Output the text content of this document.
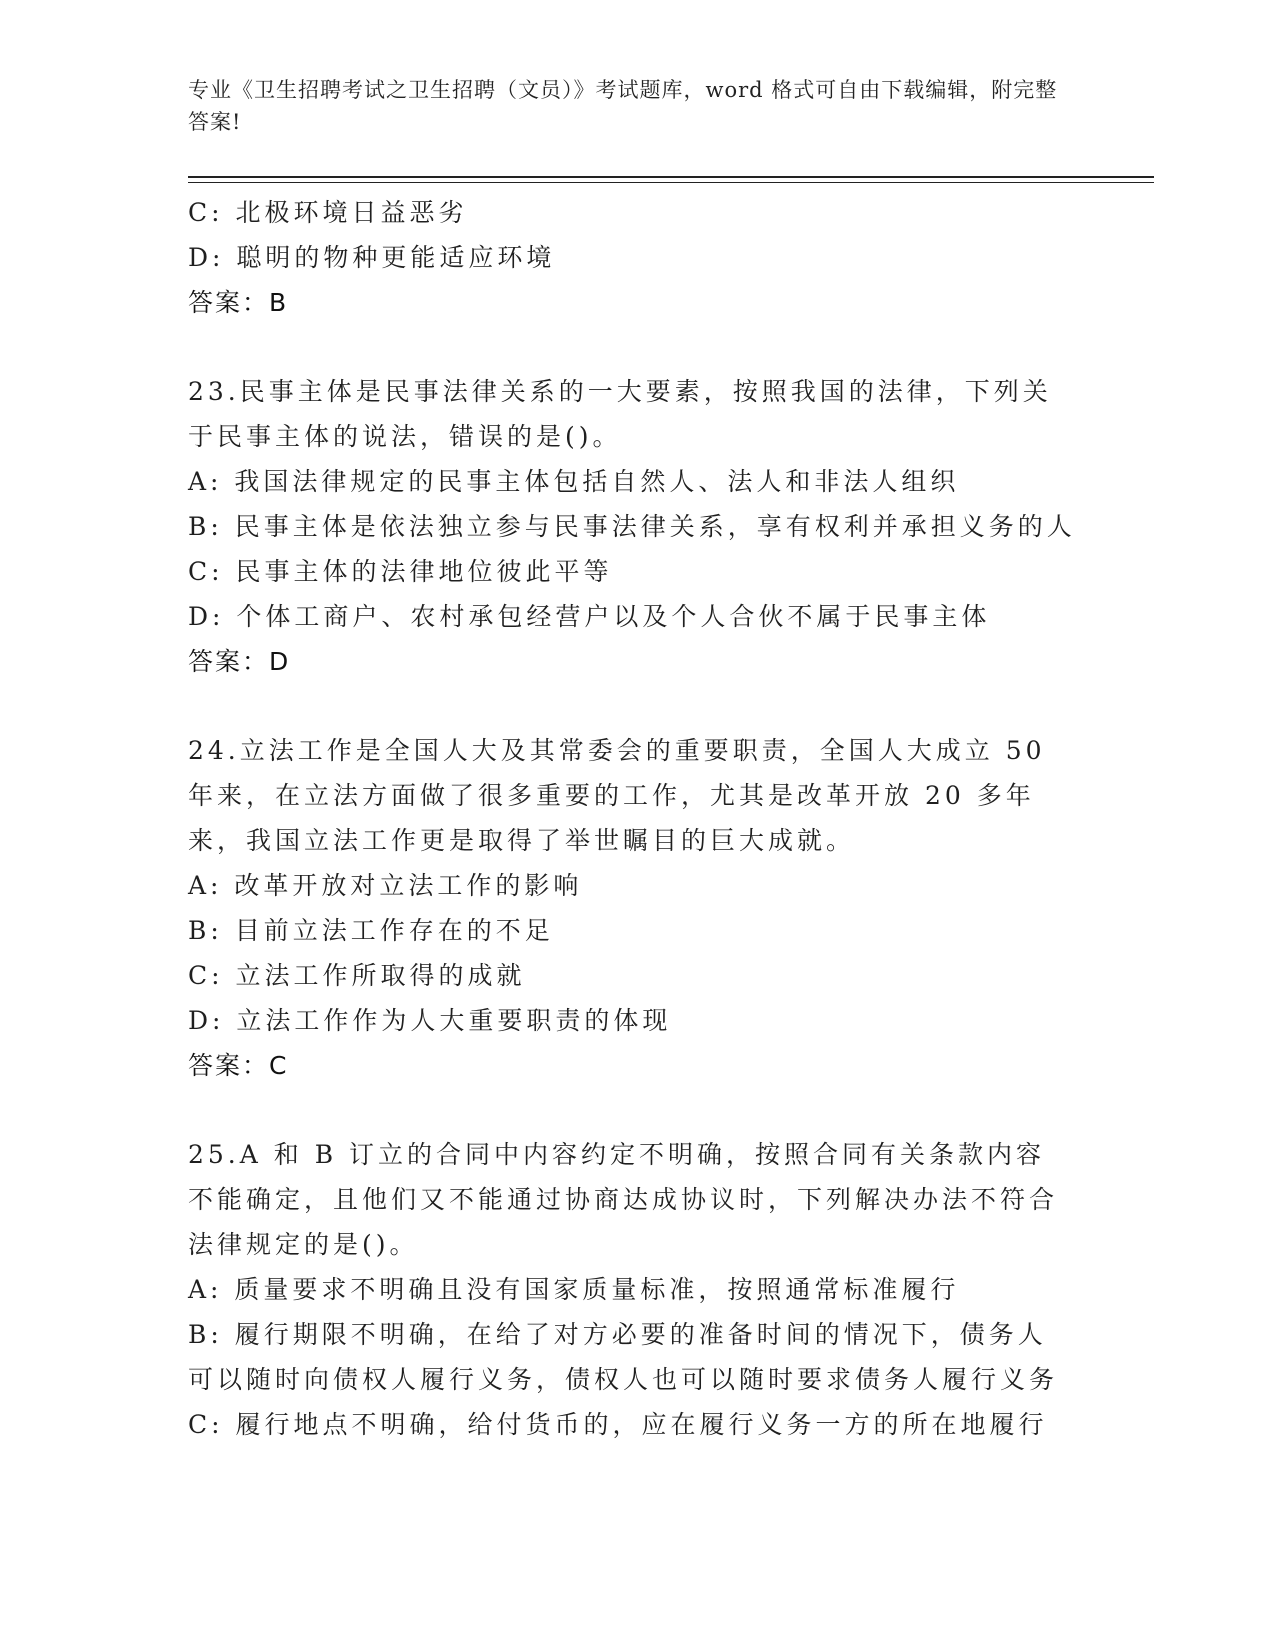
专业《卫生招聘考试之卫生招聘（文员）》考试题库，word 格式可自由下载编辑，附完整答案!
C: 北极环境日益恶劣
D: 聪明的物种更能适应环境
答案：B
23.民事主体是民事法律关系的一大要素，按照我国的法律，下列关于民事主体的说法，错误的是()。
A: 我国法律规定的民事主体包括自然人、法人和非法人组织
B: 民事主体是依法独立参与民事法律关系，享有权利并承担义务的人
C: 民事主体的法律地位彼此平等
D: 个体工商户、农村承包经营户以及个人合伙不属于民事主体
答案：D
24.立法工作是全国人大及其常委会的重要职责，全国人大成立 50 年来，在立法方面做了很多重要的工作，尤其是改革开放 20 多年来，我国立法工作更是取得了举世瞩目的巨大成就。
A: 改革开放对立法工作的影响
B: 目前立法工作存在的不足
C: 立法工作所取得的成就
D: 立法工作作为人大重要职责的体现
答案：C
25.A 和 B 订立的合同中内容约定不明确，按照合同有关条款内容不能确定，且他们又不能通过协商达成协议时，下列解决办法不符合法律规定的是()。
A: 质量要求不明确且没有国家质量标准，按照通常标准履行
B: 履行期限不明确，在给了对方必要的准备时间的情况下，债务人可以随时向债权人履行义务，债权人也可以随时要求债务人履行义务
C: 履行地点不明确，给付货币的，应在履行义务一方的所在地履行
